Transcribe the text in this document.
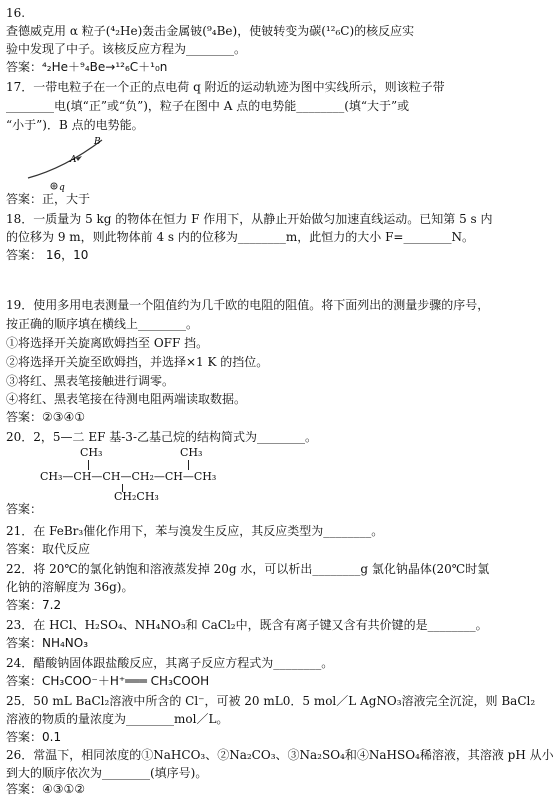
16.
查德威克用 α 粒子(⁴₂He)轰击金属铍(⁹₄Be)，使铍转变为碳(¹²₆C)的核反应实
验中发现了中子。该核反应方程为________。
答案：⁴₂He＋⁹₄Be→¹²₆C＋¹₀n
17．一带电粒子在一个正的点电荷 q 附近的运动轨迹为图中实线所示，则该粒子带
________电(填“正”或“负”)，粒子在图中 A 点的电势能________(填“大于”或
“小于”)．B 点的电势能。
B
A
q
答案：正，大于
18．一质量为 5 kg 的物体在恒力 F 作用下，从静止开始做匀加速直线运动。已知第 5 s 内
的位移为 9 m，则此物体前 4 s 内的位移为________m，此恒力的大小 F=________N。
答案： 16，10
19．使用多用电表测量一个阻值约为几千欧的电阻的阻值。将下面列出的测量步骤的序号，
按正确的顺序填在横线上________。
①将选择开关旋离欧姆挡至 OFF 挡。
②将选择开关旋至欧姆挡，并选择×1 K 的挡位。
③将红、黑表笔接触进行调零。
④将红、黑表笔接在待测电阻两端读取数据。
答案：②③④①
20．2，5—二 EF 基-3-乙基己烷的结构简式为________。
CH₃	CH₃
CH₃—CH—CH—CH₂—CH—CH₃
CH₂CH₃
答案：
21．在 FeBr₃催化作用下，苯与溴发生反应，其反应类型为________。
答案：取代反应
22．将 20℃的氯化钠饱和溶液蒸发掉 20g 水，可以析出________g 氯化钠晶体(20℃时氯
化钠的溶解度为 36g)。
答案：7.2
23．在 HCl、H₂SO₄、NH₄NO₃和 CaCl₂中，既含有离子键又含有共价键的是________。
答案：NH₄NO₃
24．醋酸钠固体跟盐酸反应，其离子反应方程式为________。
答案：CH₃COO⁻＋H⁺═══ CH₃COOH
25．50 mL BaCl₂溶液中所含的 Cl⁻，可被 20 mL0．5 mol／L AgNO₃溶液完全沉淀，则 BaCl₂
溶液的物质的量浓度为________mol／L。
答案：0.1
26．常温下，相同浓度的①NaHCO₃、②Na₂CO₃、③Na₂SO₄和④NaHSO₄稀溶液，其溶液 pH 从小
到大的顺序依次为________(填序号)。
答案：④③①②
